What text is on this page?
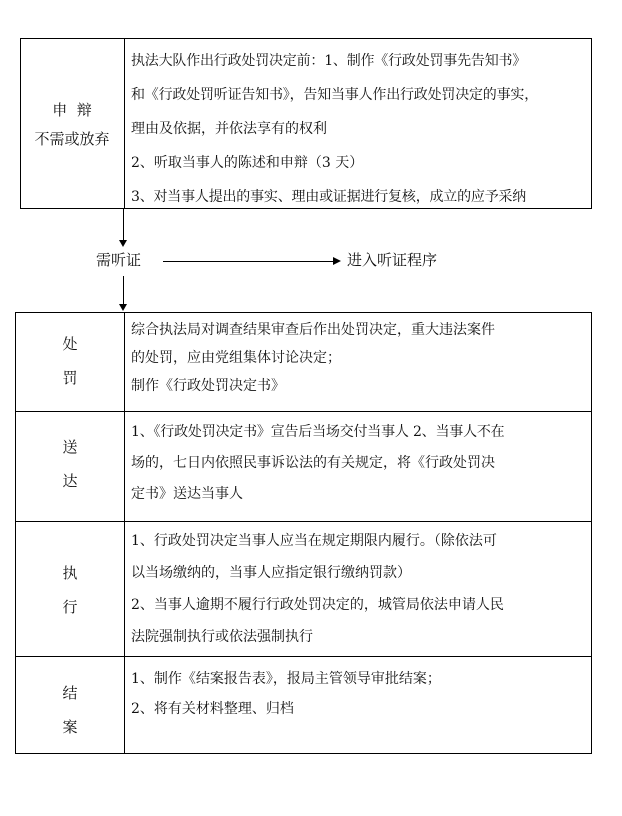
申  辩
不需或放弃
执法大队作出行政处罚决定前：1、制作《行政处罚事先告知书》
和《行政处罚听证告知书》，告知当事人作出行政处罚决定的事实，
理由及依据，并依法享有的权利
2、听取当事人的陈述和申辩（3 天）
3、对当事人提出的事实、理由或证据进行复核，成立的应予采纳
需听证	进入听证程序
处
罚
综合执法局对调查结果审查后作出处罚决定，重大违法案件
的处罚，应由党组集体讨论决定；
制作《行政处罚决定书》
送
达
1、《行政处罚决定书》宣告后当场交付当事人 2、当事人不在
场的，七日内依照民事诉讼法的有关规定，将《行政处罚决
定书》送达当事人
执
行
1、行政处罚决定当事人应当在规定期限内履行。（除依法可
以当场缴纳的，当事人应指定银行缴纳罚款）
2、当事人逾期不履行行政处罚决定的，城管局依法申请人民
法院强制执行或依法强制执行
结
案
1、制作《结案报告表》，报局主管领导审批结案；
2、将有关材料整理、归档
